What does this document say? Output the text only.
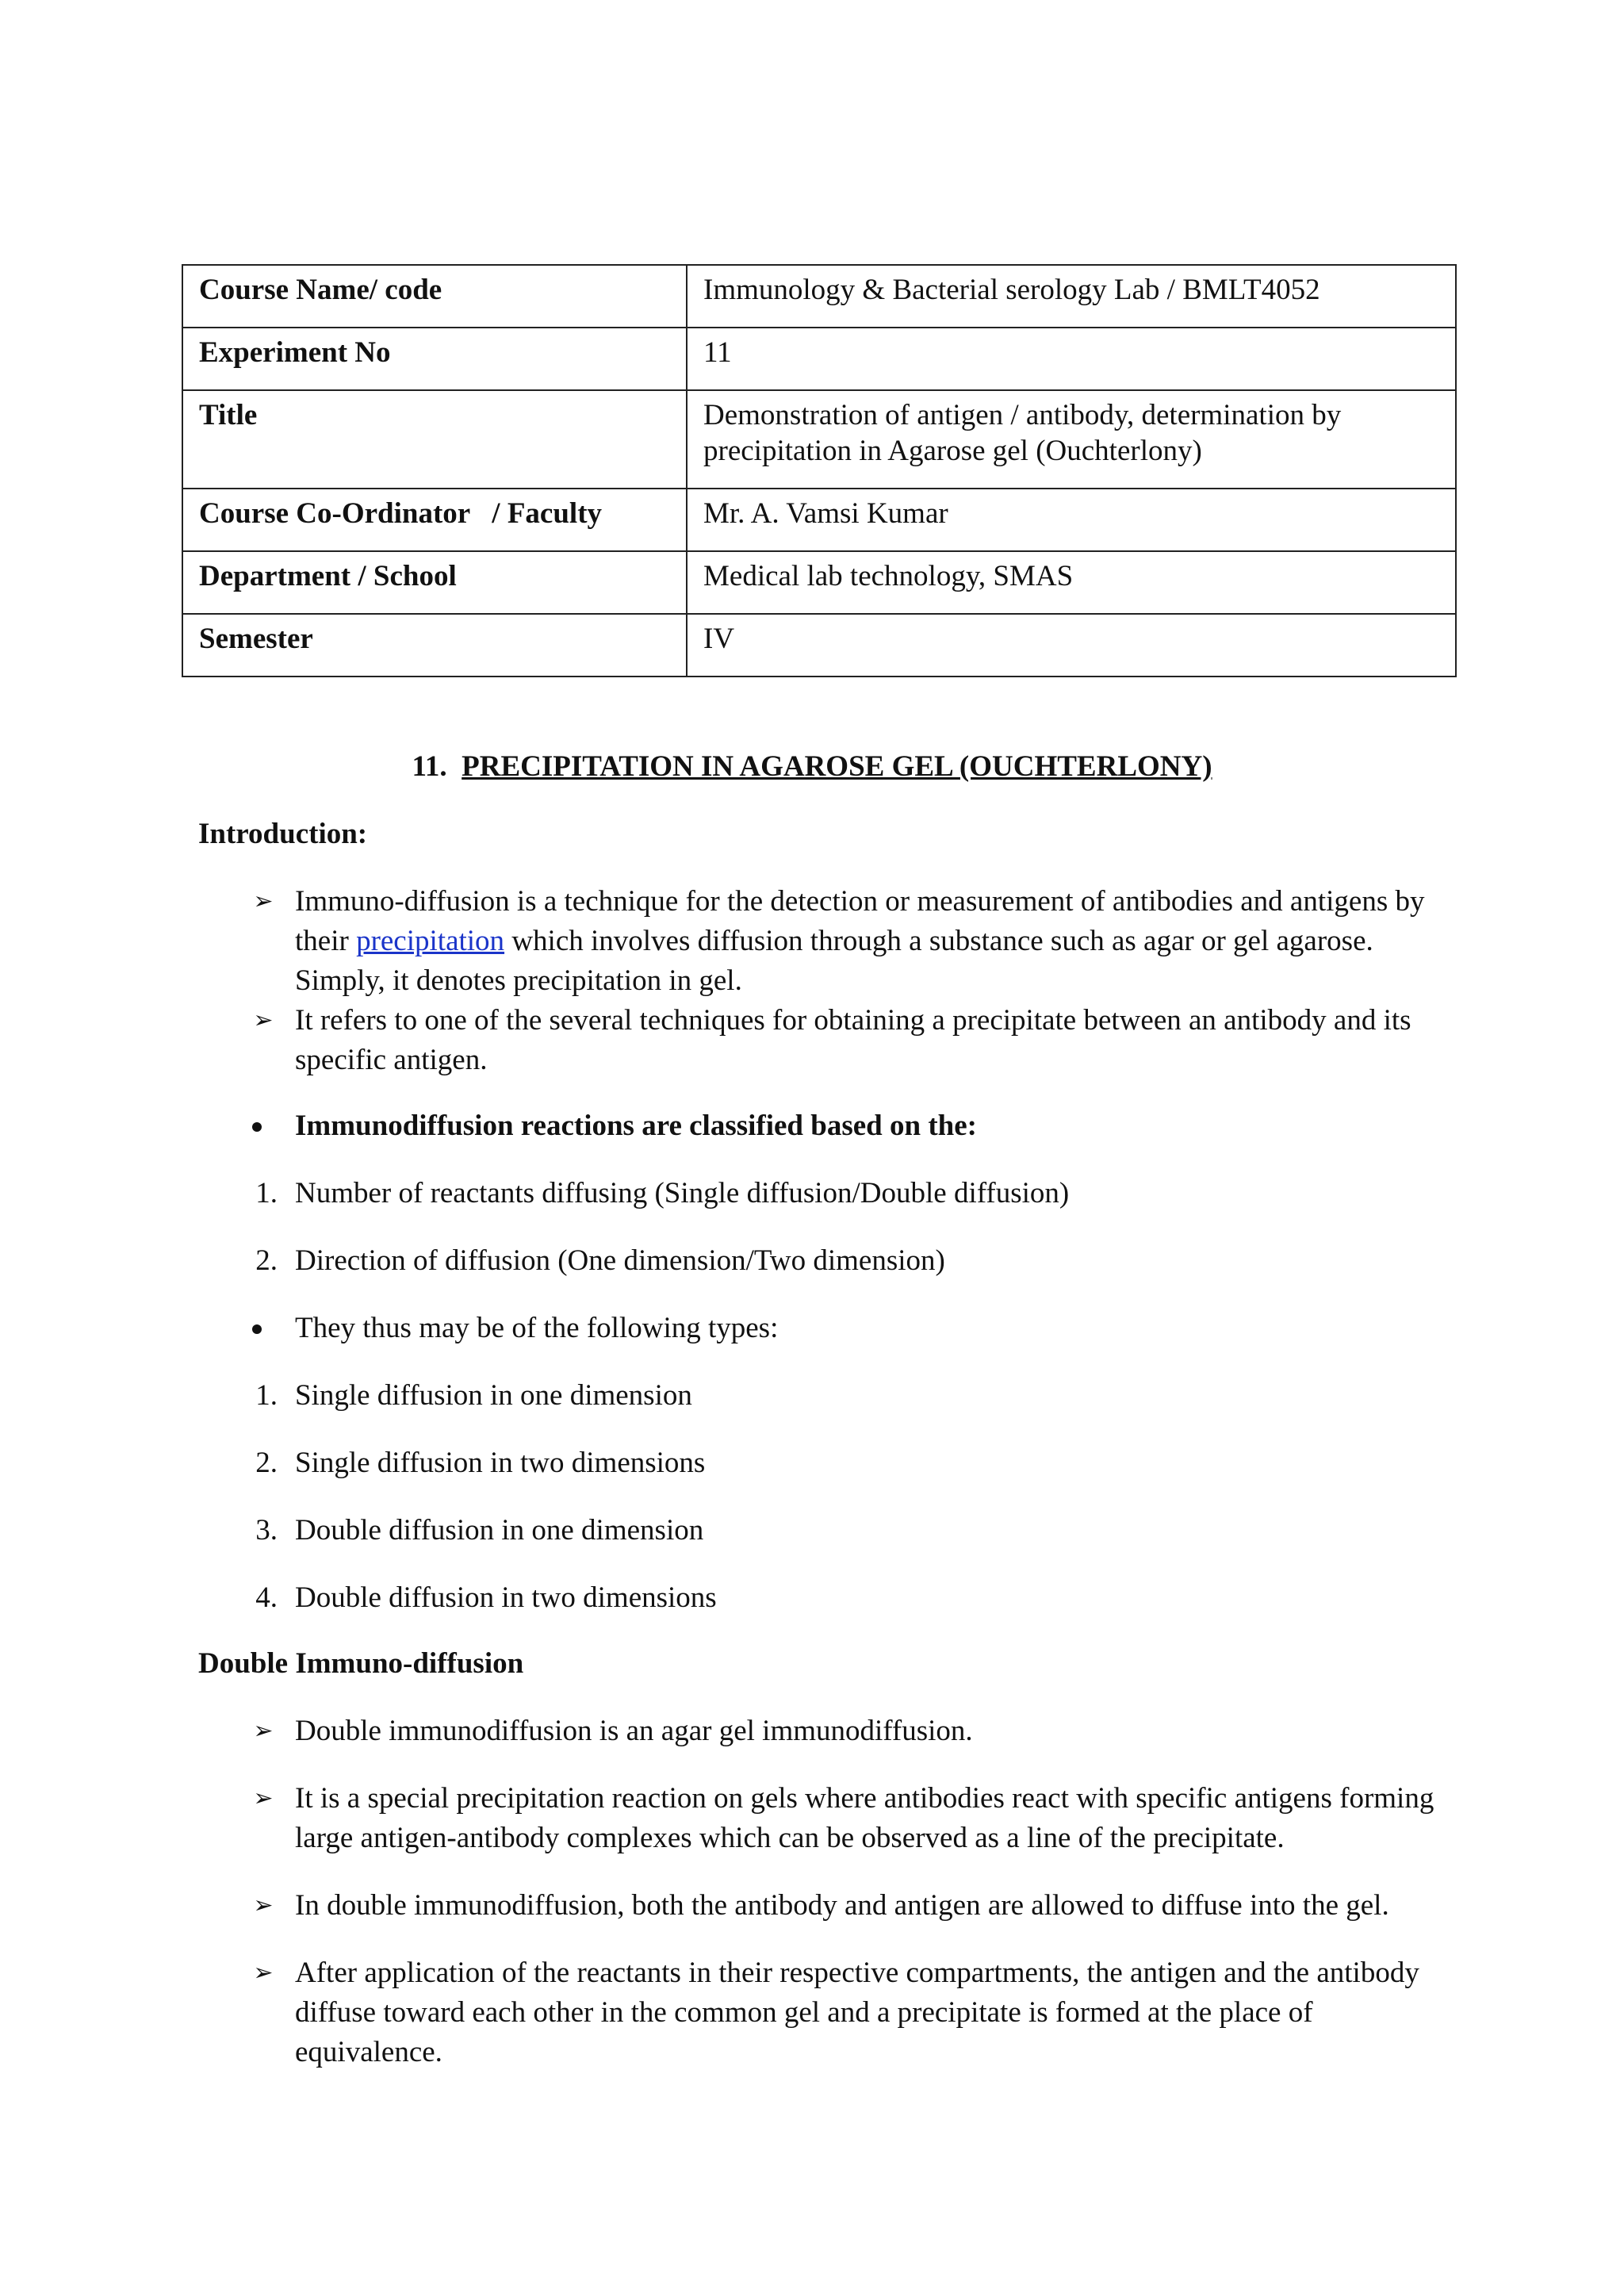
Course Name/ code	Immunology & Bacterial serology Lab / BMLT4052
Experiment No	11
Title	Demonstration of antigen / antibody, determination by precipitation in Agarose gel (Ouchterlony)
Course Co-Ordinator   / Faculty	Mr. A. Vamsi Kumar
Department / School	Medical lab technology, SMAS
Semester	IV
11. PRECIPITATION IN AGAROSE GEL (OUCHTERLONY)
Introduction:
➢ Immuno-diffusion is a technique for the detection or measurement of antibodies and antigens by their precipitation which involves diffusion through a substance such as agar or gel agarose. Simply, it denotes precipitation in gel.
➢ It refers to one of the several techniques for obtaining a precipitate between an antibody and its specific antigen.
Immunodiffusion reactions are classified based on the:
1. Number of reactants diffusing (Single diffusion/Double diffusion)
2. Direction of diffusion (One dimension/Two dimension)
They thus may be of the following types:
1. Single diffusion in one dimension
2. Single diffusion in two dimensions
3. Double diffusion in one dimension
4. Double diffusion in two dimensions
Double Immuno-diffusion
➢ Double immunodiffusion is an agar gel immunodiffusion.
➢ It is a special precipitation reaction on gels where antibodies react with specific antigens forming large antigen-antibody complexes which can be observed as a line of the precipitate.
➢ In double immunodiffusion, both the antibody and antigen are allowed to diffuse into the gel.
➢ After application of the reactants in their respective compartments, the antigen and the antibody diffuse toward each other in the common gel and a precipitate is formed at the place of equivalence.
